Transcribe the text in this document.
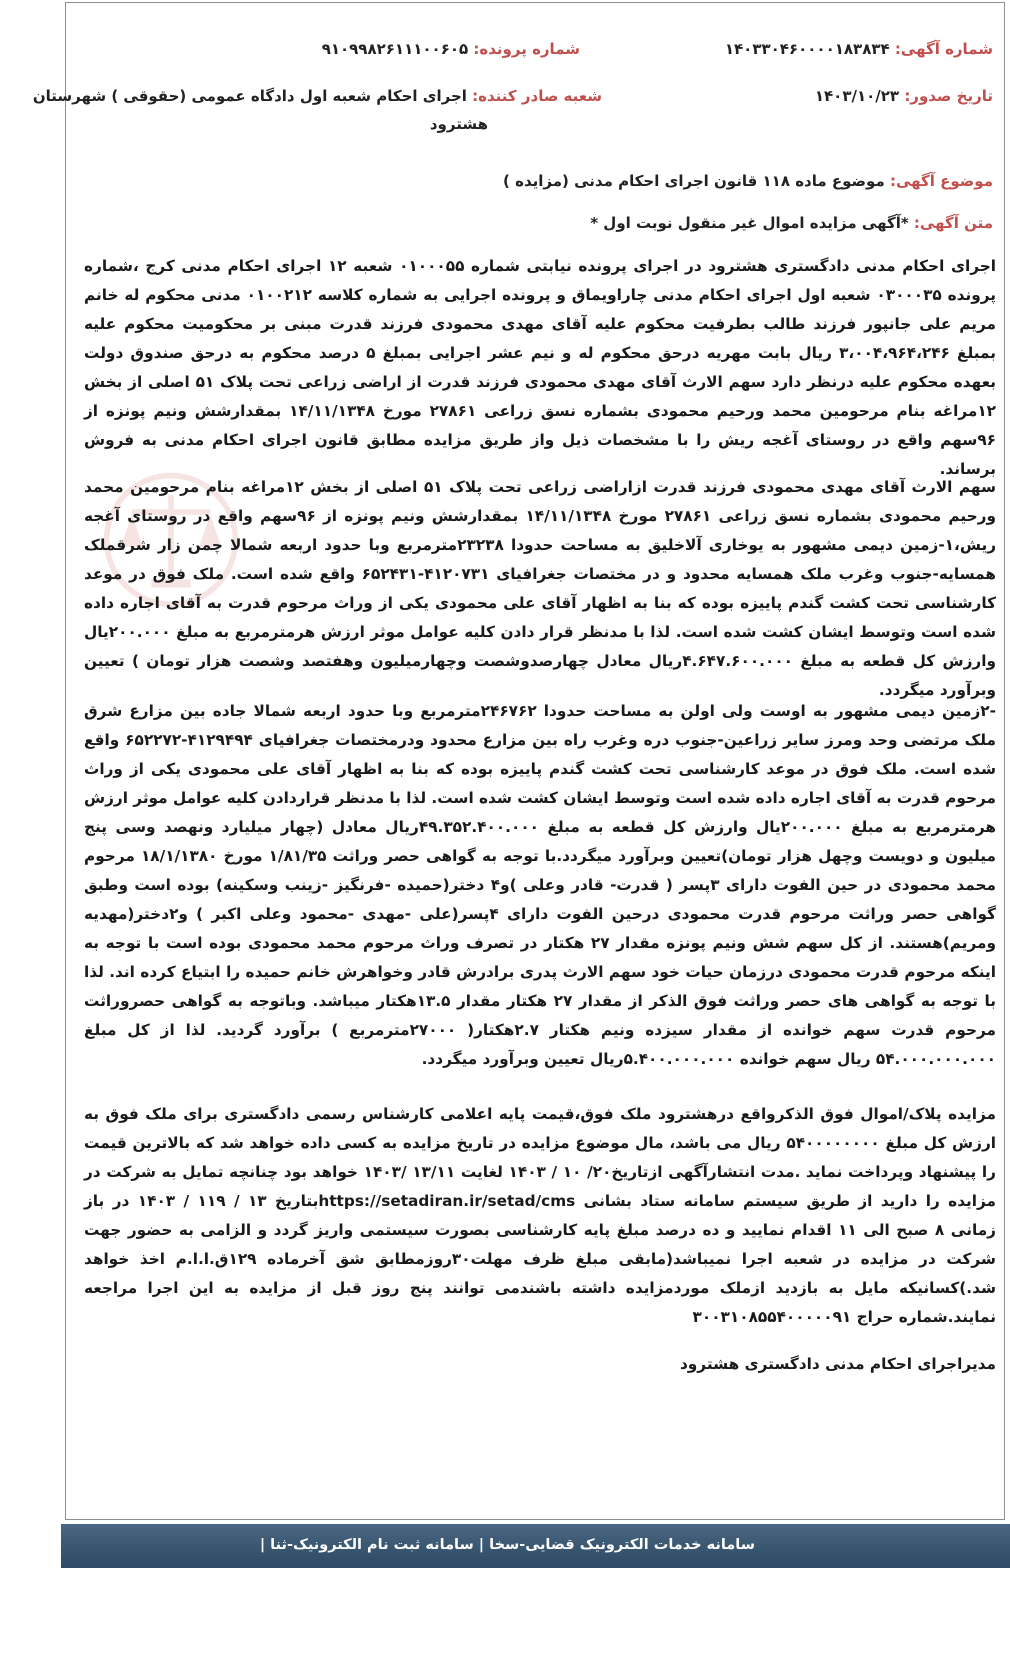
شماره آگهی: ۱۴۰۳۳۰۴۶۰۰۰۰۱۸۳۸۳۴
شماره پرونده: ۹۱۰۹۹۸۲۶۱۱۱۰۰۶۰۵
تاریخ صدور: ۱۴۰۳/۱۰/۲۳
شعبه صادر کننده: اجرای احکام شعبه اول دادگاه عمومی (حقوقی ) شهرستان
هشترود
موضوع آگهی: موضوع ماده ۱۱۸ قانون اجرای احکام مدنی (مزایده )
متن آگهی: *آگهی مزایده اموال غیر منقول نوبت اول *
اجرای احکام مدنی دادگستری هشترود در اجرای پرونده نیابتی شماره ۰۱۰۰۰۵۵ شعبه ۱۲ اجرای احکام مدنی کرج ،شماره پرونده ۰۳۰۰۰۳۵ شعبه اول اجرای احکام مدنی چاراویماق و پرونده اجرایی به شماره کلاسه ۰۱۰۰۲۱۲ مدنی محکوم له خانم مریم علی جانپور فرزند طالب بطرفیت محکوم علیه آقای مهدی محمودی فرزند قدرت مبنی بر محکومیت محکوم علیه بمبلغ ۳،۰۰۴،۹۶۴،۲۴۶ ریال بابت مهریه درحق محکوم له و نیم عشر اجرایی بمبلغ ۵ درصد محکوم به درحق صندوق دولت بعهده محکوم علیه درنظر دارد سهم الارث آقای مهدی محمودی فرزند قدرت از اراضی زراعی تحت پلاک ۵۱ اصلی از بخش ۱۲مراغه بنام مرحومین محمد ورحیم محمودی بشماره نسق زراعی ۲۷۸۶۱ مورخ ۱۴/۱۱/۱۳۴۸ بمقدارشش ونیم پونزه از ۹۶سهم واقع در روستای آغجه ریش را با مشخصات ذیل واز طریق مزایده مطابق قانون اجرای احکام مدنی به فروش برساند.
سهم الارث آقای مهدی محمودی فرزند قدرت ازاراضی زراعی تحت پلاک ۵۱ اصلی از بخش ۱۲مراغه بنام مرحومین محمد ورحیم محمودی بشماره نسق زراعی ۲۷۸۶۱ مورخ ۱۴/۱۱/۱۳۴۸ بمقدارشش ونیم پونزه از ۹۶سهم واقع در روستای آغجه ریش،۱-زمین دیمی مشهور به یوخاری آلاخلیق به مساحت حدودا ۲۳۲۳۸مترمربع وبا حدود اربعه شمالا چمن زار شرقملک همسایه-جنوب وغرب ملک همسایه محدود و در مختصات جغرافیای ۴۱۲۰۷۳۱-۶۵۲۴۳۱ واقع شده است. ملک فوق در موعد کارشناسی تحت کشت گندم پاییزه بوده که بنا به اظهار آقای علی محمودی یکی از وراث مرحوم قدرت به آقای اجاره داده شده است وتوسط ایشان کشت شده است. لذا با مدنظر قرار دادن کلیه عوامل موثر ارزش هرمترمربع به مبلغ ۲۰۰.۰۰۰یال وارزش کل قطعه به مبلغ ۴.۶۴۷.۶۰۰.۰۰۰ریال معادل چهارصدوشصت وچهارمیلیون وهفتصد وشصت هزار تومان ) تعیین وبرآورد میگردد.
-۲زمین دیمی مشهور به اوست ولی اولن به مساحت حدودا ۲۴۶۷۶۲مترمربع وبا حدود اربعه شمالا جاده بین مزارع شرق ملک مرتضی وحد ومرز سایر زراعین-جنوب دره وغرب راه بین مزارع محدود ودرمختصات جغرافیای ۴۱۲۹۴۹۴-۶۵۲۲۷۲ واقع شده است. ملک فوق در موعد کارشناسی تحت کشت گندم پاییزه بوده که بنا به اظهار آقای علی محمودی یکی از وراث مرحوم قدرت به آقای اجاره داده شده است وتوسط ایشان کشت شده است. لذا با مدنظر قراردادن کلیه عوامل موثر ارزش هرمترمربع به مبلغ ۲۰۰.۰۰۰یال وارزش کل قطعه به مبلغ ۴۹.۳۵۲.۴۰۰.۰۰۰ریال معادل (چهار میلیارد ونهصد وسی پنج میلیون و دویست وچهل هزار تومان)تعیین وبرآورد میگردد.با توجه به گواهی حصر وراثت ۱/۸۱/۳۵ مورخ ۱۸/۱/۱۳۸۰ مرحوم محمد محمودی در حین الفوت دارای ۳پسر ( قدرت- قادر وعلی )و۴ دختر(حمیده -فرنگیز -زینب وسکینه) بوده است وطبق گواهی حصر وراثت مرحوم قدرت محمودی درحین الفوت دارای ۴پسر(علی -مهدی -محمود وعلی اکبر ) و۲دختر(مهدیه ومریم)هستند. از کل سهم شش ونیم پونزه مقدار ۲۷ هکتار در تصرف وراث مرحوم محمد محمودی بوده است با توجه به اینکه مرحوم قدرت محمودی درزمان حیات خود سهم الارث پدری برادرش قادر وخواهرش خانم حمیده را ابتیاع کرده اند. لذا با توجه به گواهی های حصر وراثت فوق الذکر از مقدار ۲۷ هکتار مقدار ۱۳.۵هکتار میباشد. وباتوجه به گواهی حصروراثت مرحوم قدرت سهم خوانده از مقدار سیزده ونیم هکتار ۲.۷هکتار( ۲۷۰۰۰مترمربع ) برآورد گردید. لذا از کل مبلغ ۵۴.۰۰۰.۰۰۰.۰۰۰ ریال سهم خوانده ۵.۴۰۰.۰۰۰.۰۰۰ریال تعیین وبرآورد میگردد.
مزایده پلاک/اموال فوق الذکرواقع درهشترود ملک فوق،قیمت پایه اعلامی کارشناس رسمی دادگستری برای ملک فوق به ارزش کل مبلغ ۵۴۰۰۰۰۰۰۰۰ ریال می باشد، مال موضوع مزایده در تاریخ مزایده به کسی داده خواهد شد که بالاترین قیمت را پیشنهاد وپرداخت نماید .مدت انتشارآگهی ازتاریخ۲۰/ ۱۰ / ۱۴۰۳ لغایت ۱۳/۱۱ /۱۴۰۳ خواهد بود چنانچه تمایل به شرکت در مزایده را دارید از طریق سیستم سامانه ستاد بشانی https://setadiran.ir/setad/cmsبتاریخ ۱۳ / ۱۱۹ / ۱۴۰۳ در باز زمانی ۸ صبح الی ۱۱ اقدام نمایید و ده درصد مبلغ پایه کارشناسی بصورت سیستمی واریز گردد و الزامی به حضور جهت شرکت در مزایده در شعبه اجرا نمیباشد(مابقی مبلغ ظرف مهلت۳۰روزمطابق شق آخرماده ۱۲۹ق.ا.ا.م اخذ خواهد شد.)کسانیکه مایل به بازدید ازملک موردمزایده داشته باشندمی توانند پنج روز قبل از مزایده به این اجرا مراجعه نمایند.شماره حراج ۳۰۰۳۱۰۸۵۵۴۰۰۰۰۰۹۱
مدیراجرای احکام مدنی دادگستری هشترود
سامانه خدمات الکترونیک قضایی-سخا | سامانه ثبت نام الکترونیک-ثنا |
